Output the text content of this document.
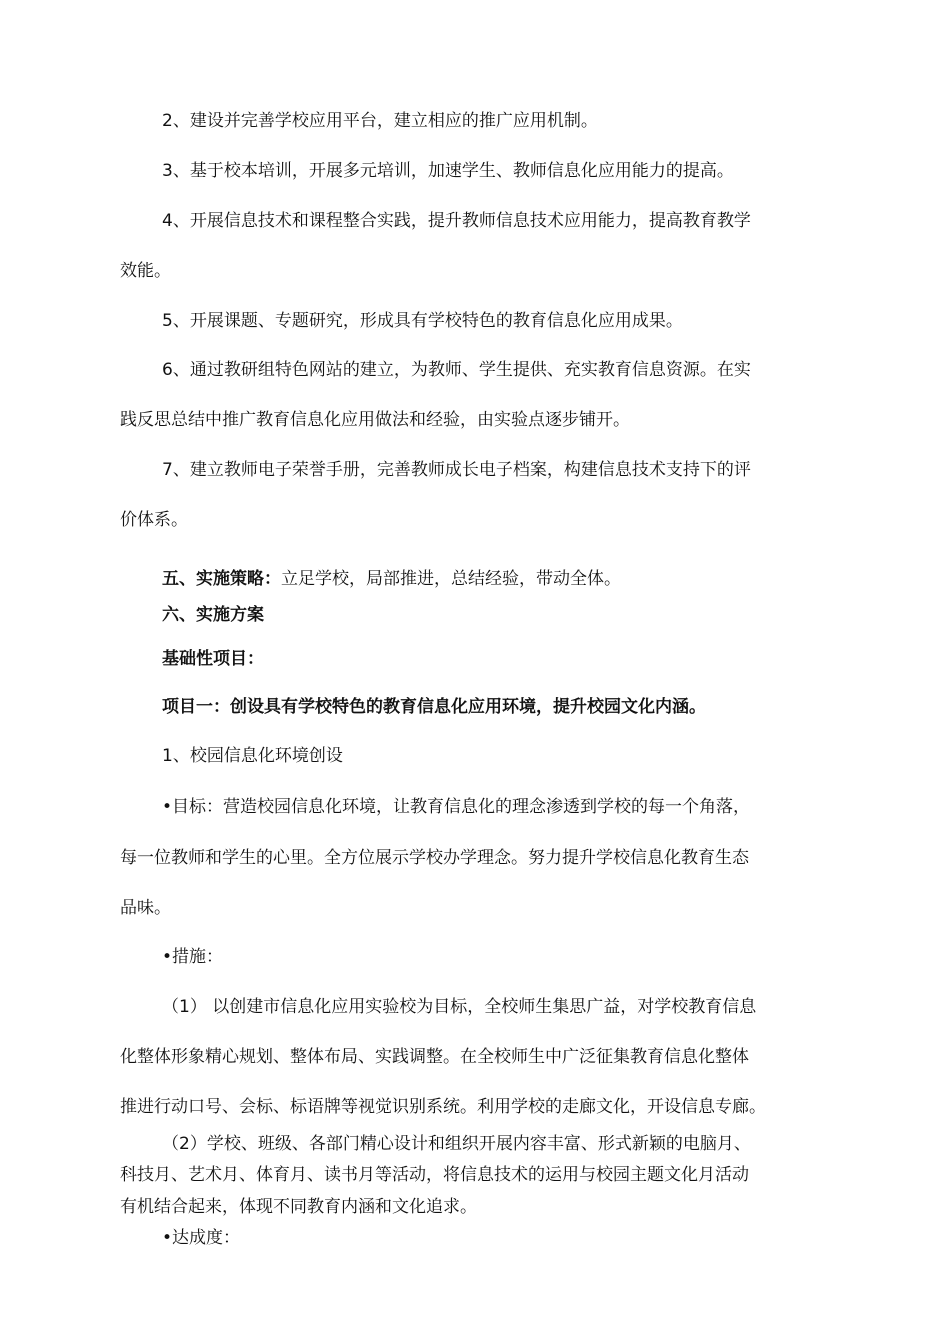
2、建设并完善学校应用平台，建立相应的推广应用机制。
3、基于校本培训，开展多元培训，加速学生、教师信息化应用能力的提高。
4、开展信息技术和课程整合实践，提升教师信息技术应用能力，提高教育教学
效能。
5、开展课题、专题研究，形成具有学校特色的教育信息化应用成果。
6、通过教研组特色网站的建立，为教师、学生提供、充实教育信息资源。在实
践反思总结中推广教育信息化应用做法和经验，由实验点逐步铺开。
7、建立教师电子荣誉手册，完善教师成长电子档案，构建信息技术支持下的评
价体系。
五、实施策略：立足学校，局部推进，总结经验，带动全体。
六、实施方案
基础性项目：
项目一：创设具有学校特色的教育信息化应用环境，提升校园文化内涵。
1、校园信息化环境创设
•目标：营造校园信息化环境，让教育信息化的理念渗透到学校的每一个角落，
每一位教师和学生的心里。全方位展示学校办学理念。努力提升学校信息化教育生态
品味。
•措施：
（1） 以创建市信息化应用实验校为目标，全校师生集思广益，对学校教育信息
化整体形象精心规划、整体布局、实践调整。在全校师生中广泛征集教育信息化整体
推进行动口号、会标、标语牌等视觉识别系统。利用学校的走廊文化，开设信息专廊。
（2）学校、班级、各部门精心设计和组织开展内容丰富、形式新颖的电脑月、
科技月、艺术月、体育月、读书月等活动，将信息技术的运用与校园主题文化月活动
有机结合起来，体现不同教育内涵和文化追求。
•达成度：
